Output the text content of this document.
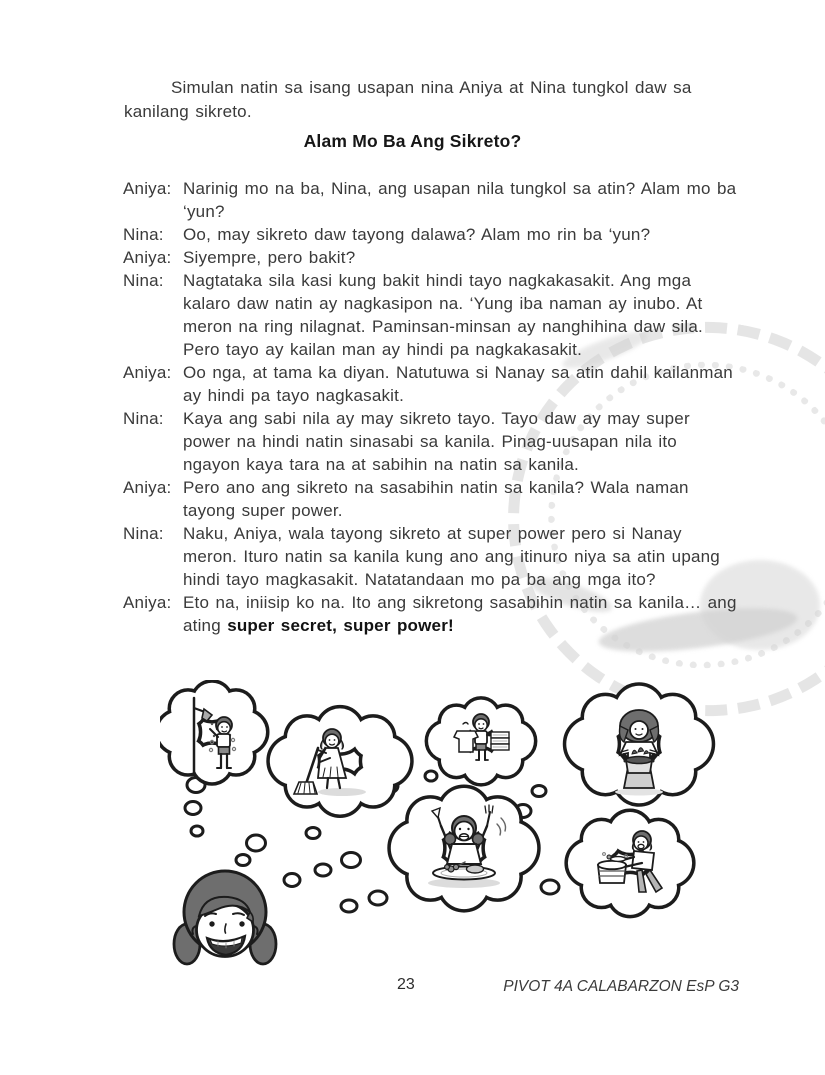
Simulan natin sa isang usapan nina Aniya at Nina tungkol daw sa kanilang sikreto.

Alam Mo Ba Ang Sikreto?
Aniya: Narinig mo na ba, Nina, ang usapan nila tungkol sa atin? Alam mo ba ‘yun?
Nina:	Oo, may sikreto daw tayong dalawa? Alam mo rin ba ‘yun?
Aniya: Siyempre, pero bakit?
Nina:	Nagtataka sila kasi kung bakit hindi tayo nagkakasakit. Ang mga kalaro daw natin ay nagkasipon na. ‘Yung iba naman ay inubo. At meron na ring nilagnat. Paminsan-minsan ay nanghihina daw sila. Pero tayo ay kailan man ay hindi pa nagkakasakit.
Aniya: Oo nga, at tama ka diyan. Natutuwa si Nanay sa atin dahil kailanman ay hindi pa tayo nagkasakit.
Nina:	Kaya ang sabi nila ay may sikreto tayo. Tayo daw ay may super power na hindi natin sinasabi sa kanila. Pinag-uusapan nila ito ngayon kaya tara na at sabihin na natin sa kanila.
Aniya: Pero ano ang sikreto na sasabihin natin sa kanila? Wala naman tayong super power.
Nina:	Naku, Aniya, wala tayong sikreto at super power pero si Nanay meron. Ituro natin sa kanila kung ano ang itinuro niya sa atin upang hindi tayo magkasakit. Natatandaan mo pa ba ang mga ito?
Aniya: Eto na, iniisip ko na. Ito ang sikretong sasabihin natin sa kanila… ang ating super secret, super power!
23	PIVOT 4A CALABARZON EsP G3
